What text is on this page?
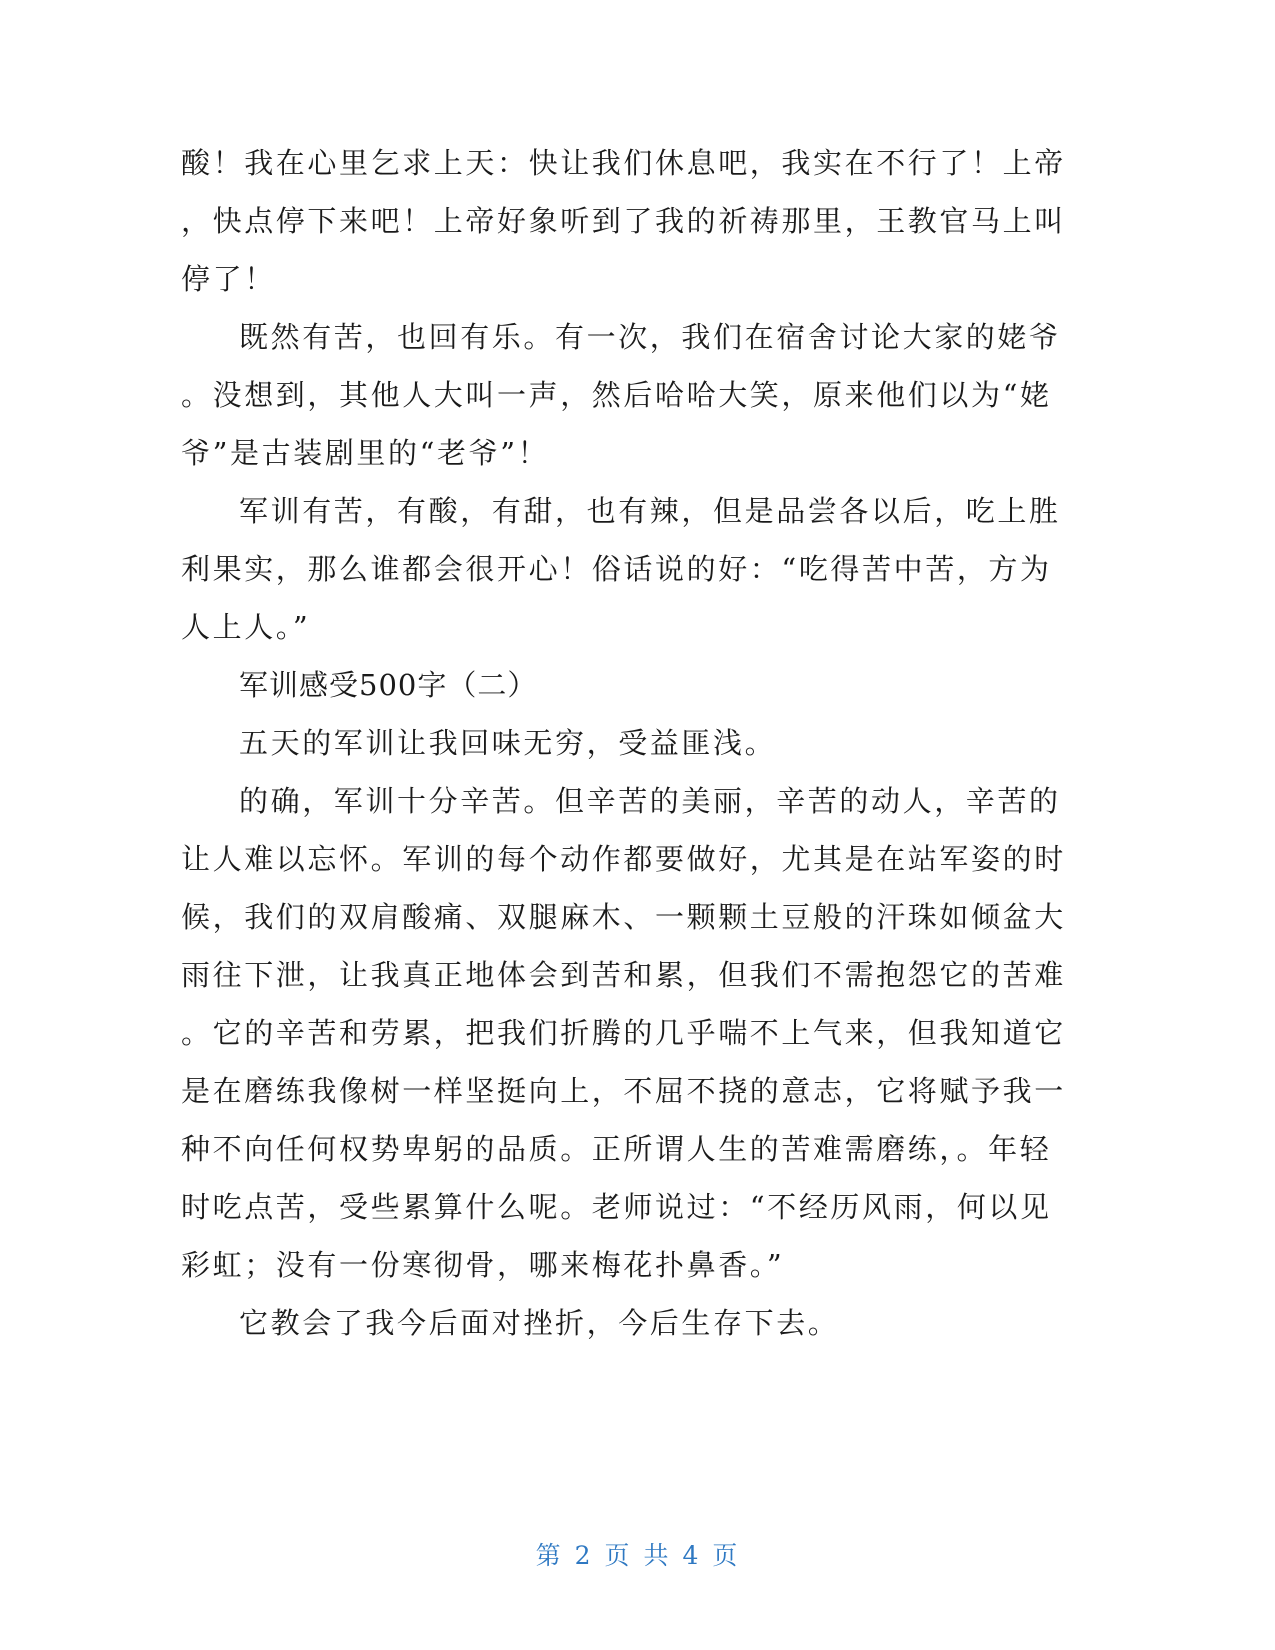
酸！我在心里乞求上天：快让我们休息吧，我实在不行了！上帝
，快点停下来吧！上帝好象听到了我的祈祷那里，王教官马上叫
停了！
既然有苦，也回有乐。有一次，我们在宿舍讨论大家的姥爷
。没想到，其他人大叫一声，然后哈哈大笑，原来他们以为“姥
爷”是古装剧里的“老爷”！
军训有苦，有酸，有甜，也有辣，但是品尝各以后，吃上胜
利果实，那么谁都会很开心！俗话说的好：“吃得苦中苦，方为
人上人。”
军训感受500字（二）
五天的军训让我回味无穷，受益匪浅。
的确，军训十分辛苦。但辛苦的美丽，辛苦的动人，辛苦的
让人难以忘怀。军训的每个动作都要做好，尤其是在站军姿的时
候，我们的双肩酸痛、双腿麻木、一颗颗土豆般的汗珠如倾盆大
雨往下泄，让我真正地体会到苦和累，但我们不需抱怨它的苦难
。它的辛苦和劳累，把我们折腾的几乎喘不上气来，但我知道它
是在磨练我像树一样坚挺向上，不屈不挠的意志，它将赋予我一
种不向任何权势卑躬的品质。正所谓人生的苦难需磨练，。年轻
时吃点苦，受些累算什么呢。老师说过：“不经历风雨，何以见
彩虹；没有一份寒彻骨，哪来梅花扑鼻香。”
它教会了我今后面对挫折，今后生存下去。
第 2 页 共 4 页
